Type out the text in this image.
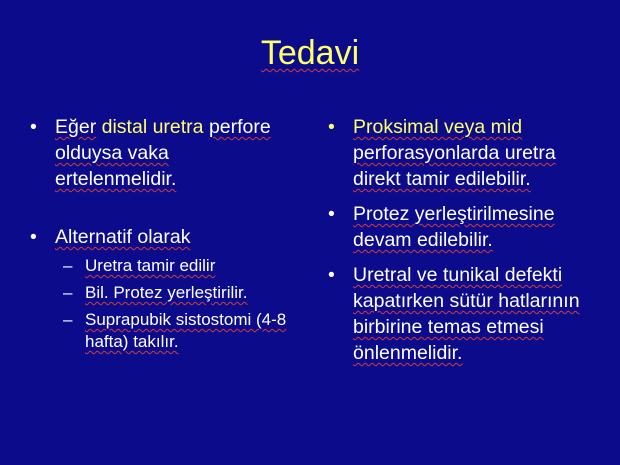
Tedavi
• Eğer distal uretra perfore olduysa vaka ertelenmelidir.
• Alternatif olarak
– Uretra tamir edilir
– Bil. Protez yerleştirilir.
– Suprapubik sistostomi (4-8 hafta) takılır.
• Proksimal veya mid perforasyonlarda uretra direkt tamir edilebilir.
• Protez yerleştirilmesine devam edilebilir.
• Uretral ve tunikal defekti kapatırken sütür hatlarının birbirine temas etmesi önlenmelidir.
